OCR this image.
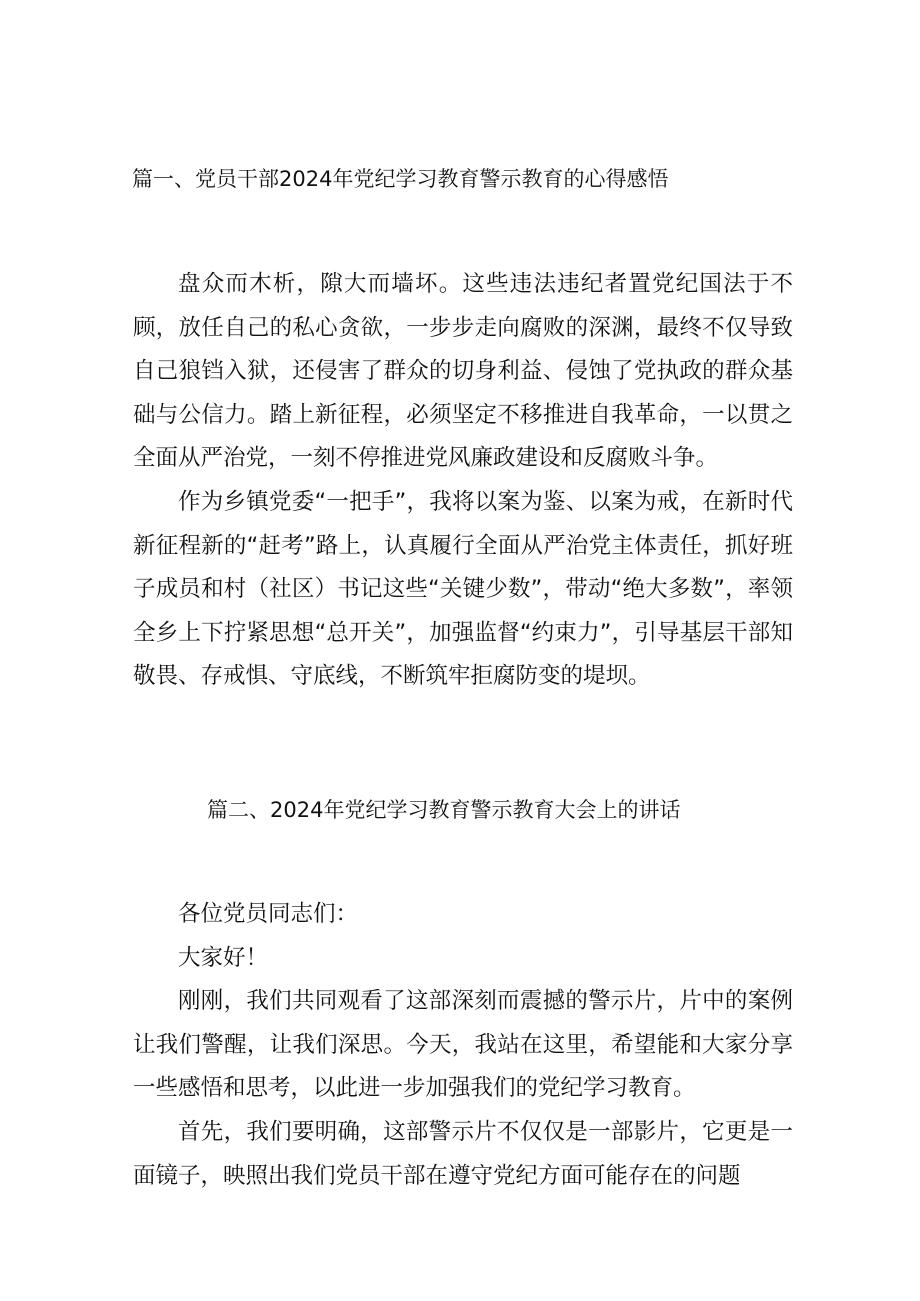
篇一、党员干部2024年党纪学习教育警示教育的心得感悟

盘众而木析，隙大而墙坏。这些违法违纪者置党纪国法于不顾，放任自己的私心贪欲，一步步走向腐败的深渊，最终不仅导致自己狼铛入狱，还侵害了群众的切身利益、侵蚀了党执政的群众基础与公信力。踏上新征程，必须坚定不移推进自我革命，一以贯之全面从严治党，一刻不停推进党风廉政建设和反腐败斗争。

作为乡镇党委“一把手”，我将以案为鉴、以案为戒，在新时代新征程新的“赶考”路上，认真履行全面从严治党主体责任，抓好班子成员和村（社区）书记这些“关键少数”，带动“绝大多数”，率领全乡上下拧紧思想“总开关”，加强监督“约束力”，引导基层干部知敬畏、存戒惧、守底线，不断筑牢拒腐防变的堤坝。

篇二、2024年党纪学习教育警示教育大会上的讲话

各位党员同志们：

大家好！

刚刚，我们共同观看了这部深刻而震撼的警示片，片中的案例让我们警醒，让我们深思。今天，我站在这里，希望能和大家分享一些感悟和思考，以此进一步加强我们的党纪学习教育。

首先，我们要明确，这部警示片不仅仅是一部影片，它更是一面镜子，映照出我们党员干部在遵守党纪方面可能存在的问题
